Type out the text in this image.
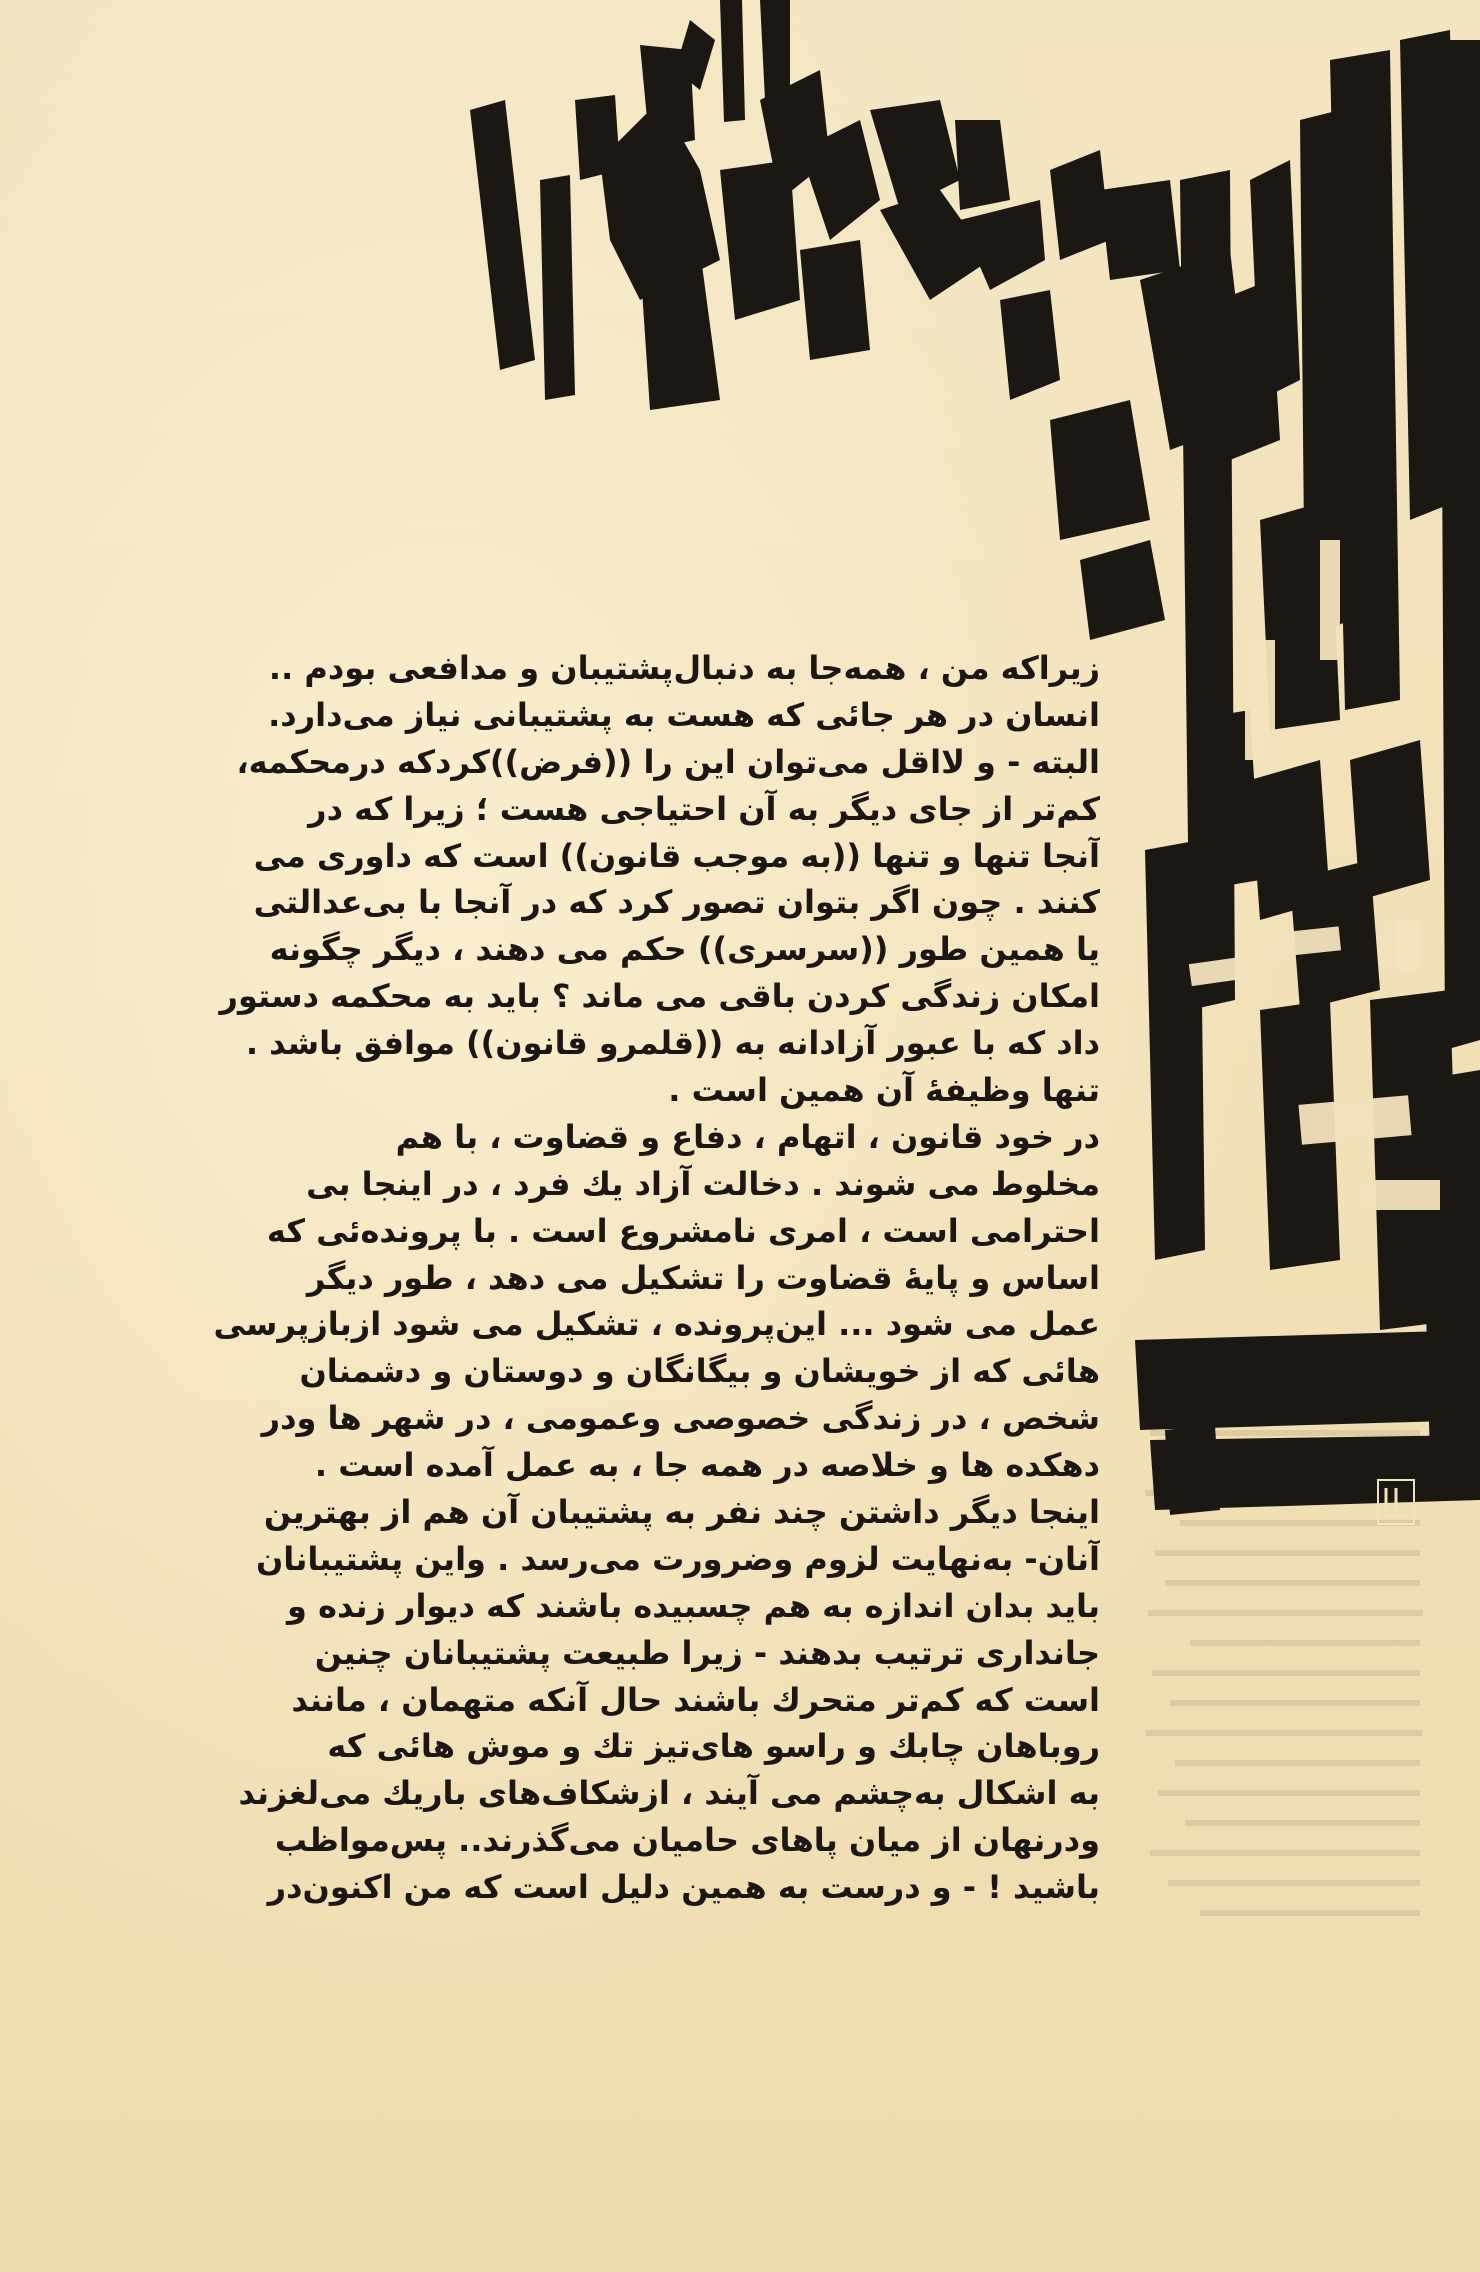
زیراکه من ، همه‌جا به دنبال‌پشتیبان و مدافعی بودم ..
انسان در هر جائی که هست به پشتیبانی نیاز می‌دارد.
البته - و لااقل می‌توان این را ((فرض))کردکه درمحکمه،
کم‌تر از جای دیگر به آن احتیاجی هست ؛ زیرا که در
آنجا تنها و تنها ((به موجب قانون)) است که داوری می
کنند . چون اگر بتوان تصور کرد که در آنجا با بی‌عدالتی
یا همین طور ((سرسری)) حکم می دهند ، دیگر چگونه
امکان زندگی کردن باقی می ماند ؟ باید به محکمه دستور
داد که با عبور آزادانه به ((قلمرو قانون)) موافق باشد .
تنها وظیفهٔ آن همین است .
در خود قانون ، اتهام ، دفاع و قضاوت ، با هم
مخلوط می شوند . دخالت آزاد یك فرد ، در اینجا بی
احترامی است ، امری نامشروع است . با پرونده‌ئی که
اساس و پایهٔ قضاوت را تشکیل می دهد ، طور دیگر
عمل می شود ... این‌پرونده ، تشکیل می شود ازبازپرسی
هائی که از خویشان و بیگانگان و دوستان و دشمنان
شخص ، در زندگی خصوصی وعمومی ، در شهر ها ودر
دهکده ها و خلاصه در همه جا ، به عمل آمده است .
اینجا دیگر داشتن چند نفر به پشتیبان آن هم از بهترین
آنان- به‌نهایت لزوم وضرورت می‌رسد . واین پشتیبانان
باید بدان اندازه به هم چسبیده باشند که دیوار زنده و
جانداری ترتیب بدهند - زیرا طبیعت پشتیبانان چنین
است که کم‌تر متحرك باشند حال آنکه متهمان ، مانند
روباهان چابك و راسو های‌تیز تك و موش هائی که
به اشکال به‌چشم می آیند ، ازشکاف‌های باریك می‌لغزند
ودرنهان از میان پاهای حامیان می‌گذرند.. پس‌مواظب
باشید ! - و درست به همین دلیل است که من اکنون‌در
